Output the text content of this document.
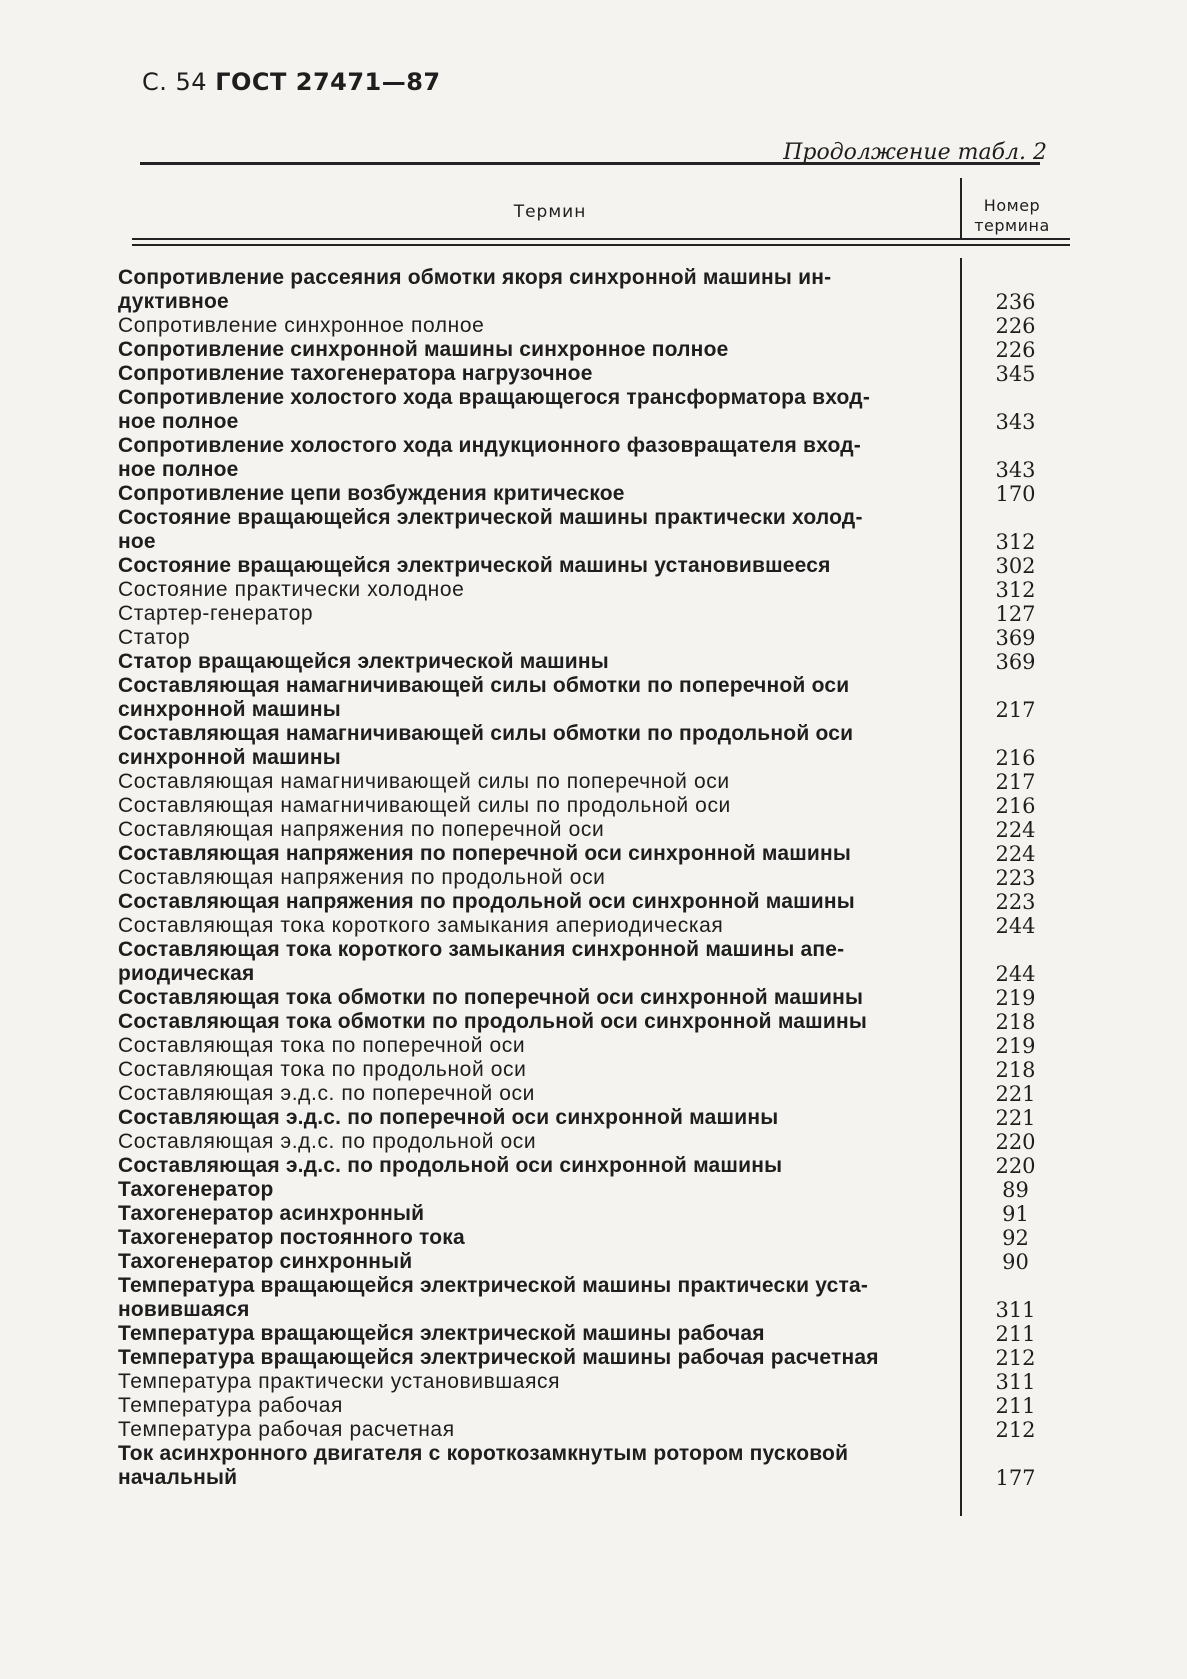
С. 54 ГОСТ 27471—87
Продолжение табл. 2
Термин	Номер термина
Сопротивление рассеяния обмотки якоря синхронной машины ин-
дуктивное	236
Сопротивление синхронное полное	226
Сопротивление синхронной машины синхронное полное	226
Сопротивление тахогенератора нагрузочное	345
Сопротивление холостого хода вращающегося трансформатора вход-
ное полное	343
Сопротивление холостого хода индукционного фазовращателя вход-
ное полное	343
Сопротивление цепи возбуждения критическое	170
Состояние вращающейся электрической машины практически холод-
ное	312
Состояние вращающейся электрической машины установившееся	302
Состояние практически холодное	312
Стартер-генератор	127
Статор	369
Статор вращающейся электрической машины	369
Составляющая намагничивающей силы обмотки по поперечной оси
синхронной машины	217
Составляющая намагничивающей силы обмотки по продольной оси
синхронной машины	216
Составляющая намагничивающей силы по поперечной оси	217
Составляющая намагничивающей силы по продольной оси	216
Составляющая напряжения по поперечной оси	224
Составляющая напряжения по поперечной оси синхронной машины	224
Составляющая напряжения по продольной оси	223
Составляющая напряжения по продольной оси синхронной машины	223
Составляющая тока короткого замыкания апериодическая	244
Составляющая тока короткого замыкания синхронной машины апе-
риодическая	244
Составляющая тока обмотки по поперечной оси синхронной машины	219
Составляющая тока обмотки по продольной оси синхронной машины	218
Составляющая тока по поперечной оси	219
Составляющая тока по продольной оси	218
Составляющая э.д.с. по поперечной оси	221
Составляющая э.д.с. по поперечной оси синхронной машины	221
Составляющая э.д.с. по продольной оси	220
Составляющая э.д.с. по продольной оси синхронной машины	220
Тахогенератор	89
Тахогенератор асинхронный	91
Тахогенератор постоянного тока	92
Тахогенератор синхронный	90
Температура вращающейся электрической машины практически уста-
новившаяся	311
Температура вращающейся электрической машины рабочая	211
Температура вращающейся электрической машины рабочая расчетная	212
Температура практически установившаяся	311
Температура рабочая	211
Температура рабочая расчетная	212
Ток асинхронного двигателя с короткозамкнутым ротором пусковой
начальный	177
